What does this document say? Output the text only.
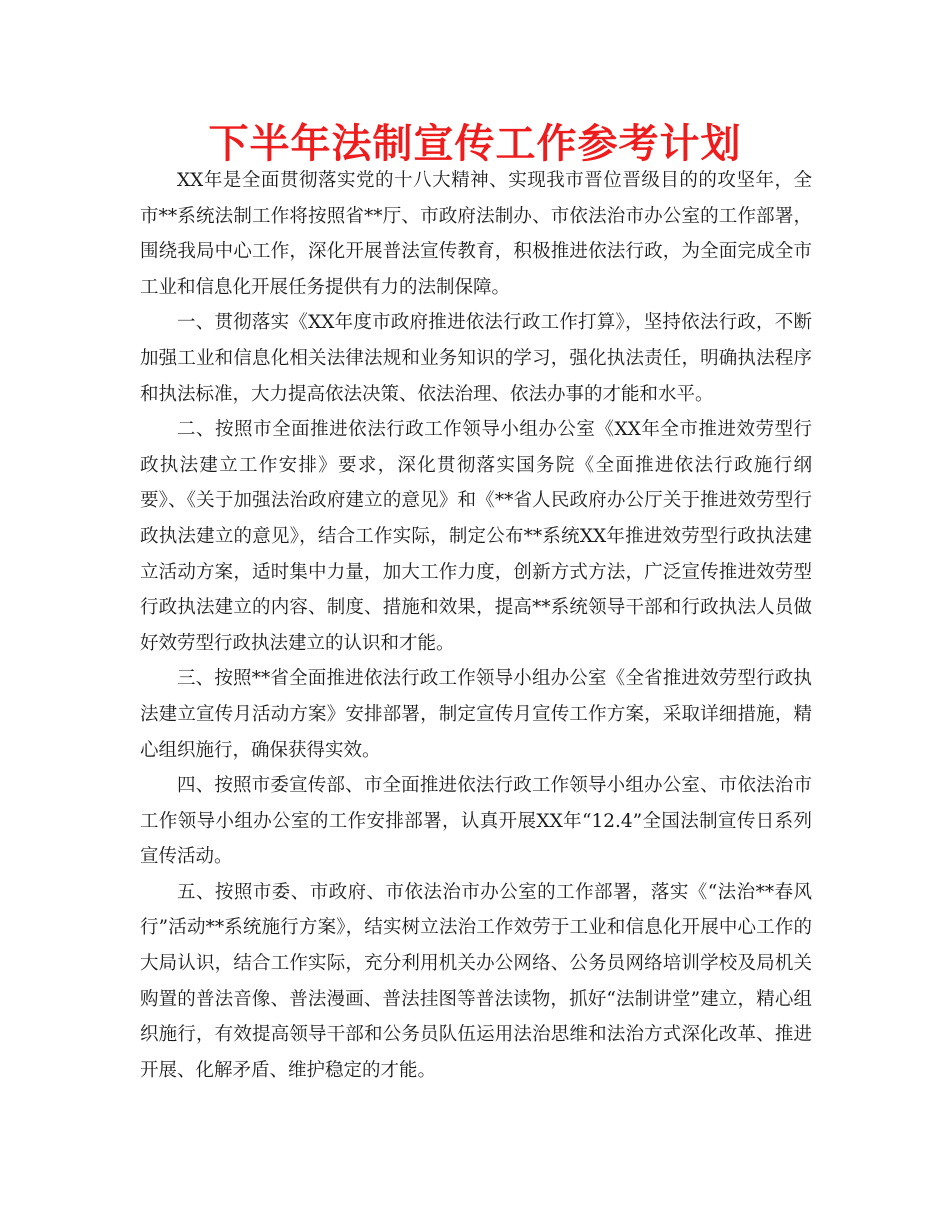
下半年法制宣传工作参考计划

XX年是全面贯彻落实党的十八大精神、实现我市晋位晋级目的的攻坚年，全市**系统法制工作将按照省**厅、市政府法制办、市依法治市办公室的工作部署，围绕我局中心工作，深化开展普法宣传教育，积极推进依法行政，为全面完成全市工业和信息化开展任务提供有力的法制保障。

一、贯彻落实《XX年度市政府推进依法行政工作打算》，坚持依法行政，不断加强工业和信息化相关法律法规和业务知识的学习，强化执法责任，明确执法程序和执法标准，大力提高依法决策、依法治理、依法办事的才能和水平。

二、按照市全面推进依法行政工作领导小组办公室《XX年全市推进效劳型行政执法建立工作安排》要求，深化贯彻落实国务院《全面推进依法行政施行纲要》、《关于加强法治政府建立的意见》和《**省人民政府办公厅关于推进效劳型行政执法建立的意见》，结合工作实际，制定公布**系统XX年推进效劳型行政执法建立活动方案，适时集中力量，加大工作力度，创新方式方法，广泛宣传推进效劳型行政执法建立的内容、制度、措施和效果，提高**系统领导干部和行政执法人员做好效劳型行政执法建立的认识和才能。

三、按照**省全面推进依法行政工作领导小组办公室《全省推进效劳型行政执法建立宣传月活动方案》安排部署，制定宣传月宣传工作方案，采取详细措施，精心组织施行，确保获得实效。

四、按照市委宣传部、市全面推进依法行政工作领导小组办公室、市依法治市工作领导小组办公室的工作安排部署，认真开展XX年“12.4”全国法制宣传日系列宣传活动。

五、按照市委、市政府、市依法治市办公室的工作部署，落实《“法治**春风行”活动**系统施行方案》，结实树立法治工作效劳于工业和信息化开展中心工作的大局认识，结合工作实际，充分利用机关办公网络、公务员网络培训学校及局机关购置的普法音像、普法漫画、普法挂图等普法读物，抓好“法制讲堂”建立，精心组织施行，有效提高领导干部和公务员队伍运用法治思维和法治方式深化改革、推进开展、化解矛盾、维护稳定的才能。
